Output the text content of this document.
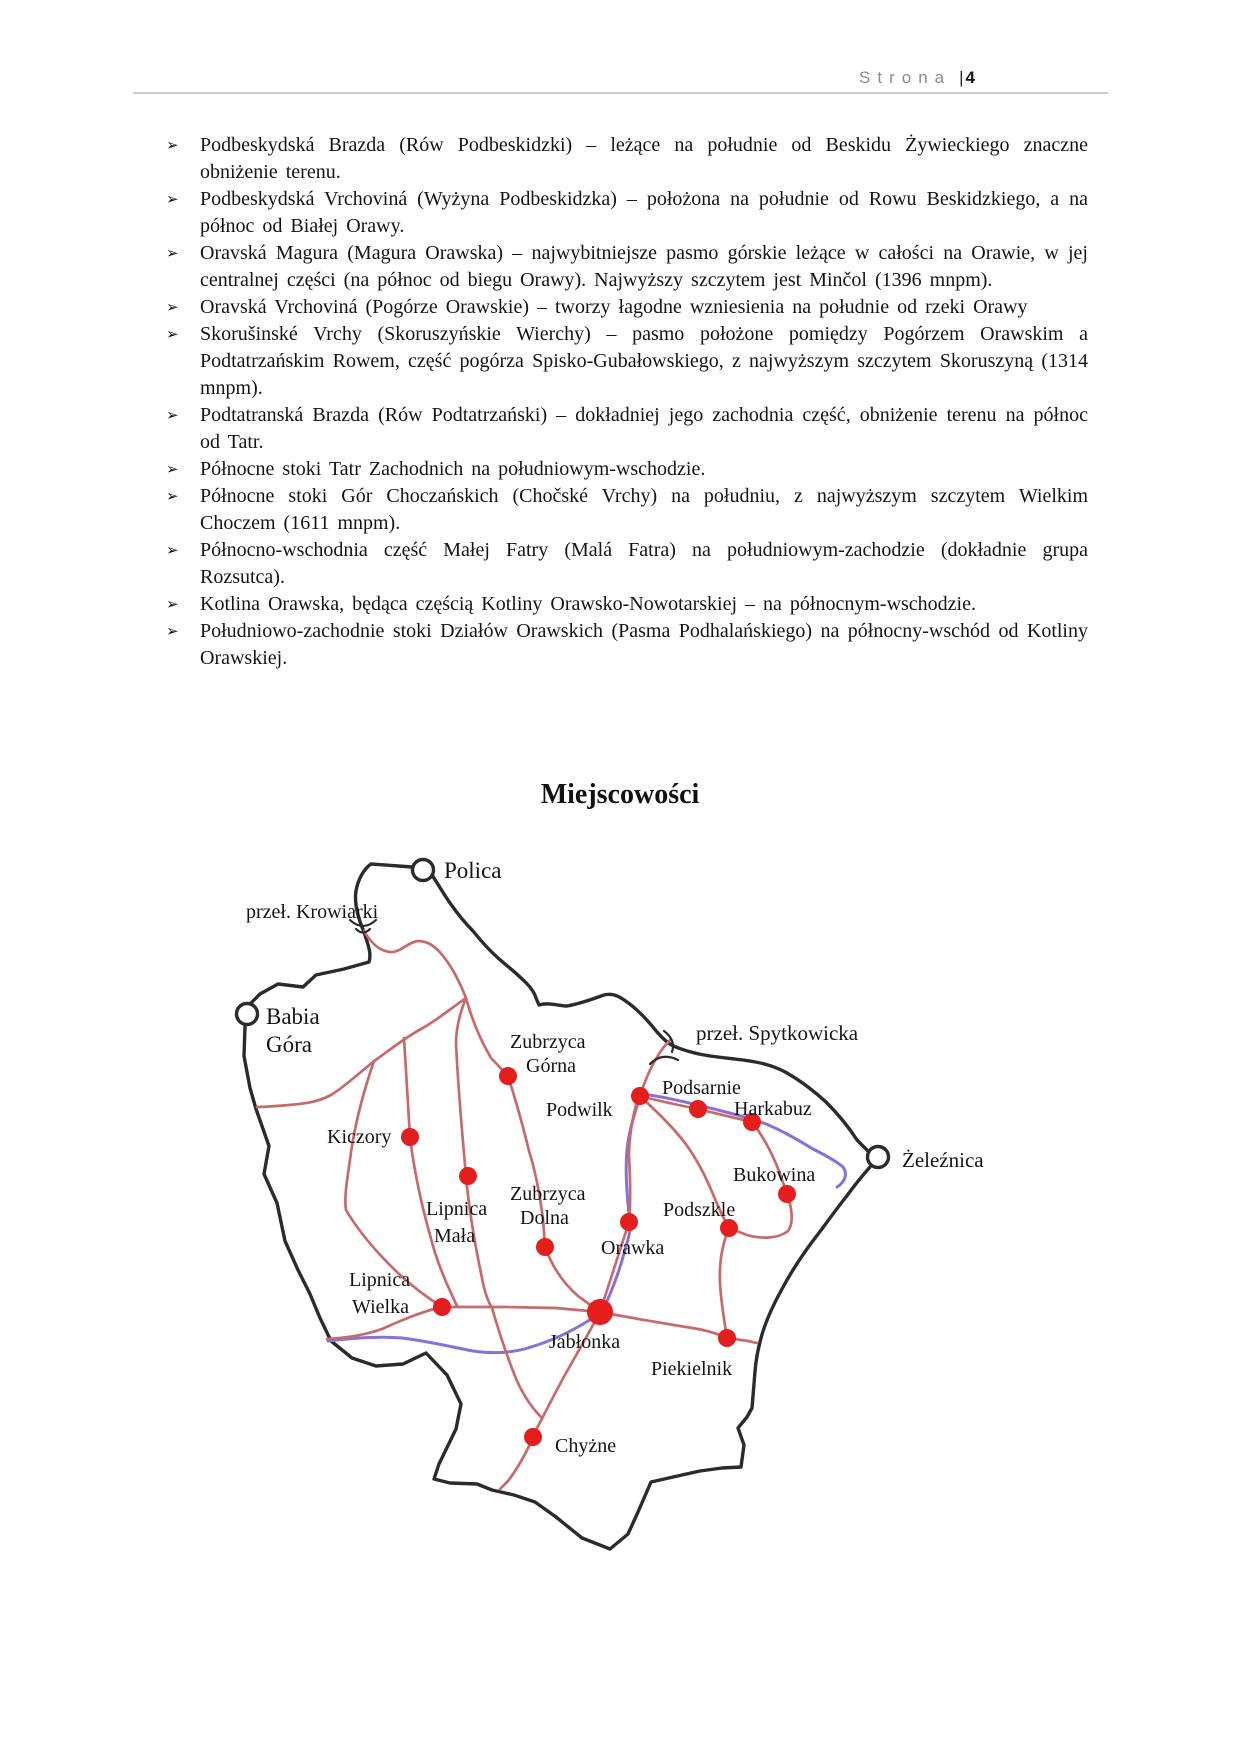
Strona | 4
➢ Podbeskydská Brazda (Rów Podbeskidzki) – leżące na południe od Beskidu Żywieckiego znaczne obniżenie terenu.
➢ Podbeskydská Vrchoviná (Wyżyna Podbeskidzka) – położona na południe od Rowu Beskidzkiego, a na północ od Białej Orawy.
➢ Oravská Magura (Magura Orawska) – najwybitniejsze pasmo górskie leżące w całości na Orawie, w jej centralnej części (na północ od biegu Orawy). Najwyższy szczytem jest Minčol (1396 mnpm).
➢ Oravská Vrchoviná (Pogórze Orawskie) – tworzy łagodne wzniesienia na południe od rzeki Orawy
➢ Skorušinské Vrchy (Skoruszyńskie Wierchy) – pasmo położone pomiędzy Pogórzem Orawskim a Podtatrzańskim Rowem, część pogórza Spisko-Gubałowskiego, z najwyższym szczytem Skoruszyną (1314 mnpm).
➢ Podtatranská Brazda (Rów Podtatrzański) – dokładniej jego zachodnia część, obniżenie terenu na północ od Tatr.
➢ Północne stoki Tatr Zachodnich na południowym-wschodzie.
➢ Północne stoki Gór Choczańskich (Chočské Vrchy) na południu, z najwyższym szczytem Wielkim Choczem (1611 mnpm).
➢ Północno-wschodnia część Małej Fatry (Malá Fatra) na południowym-zachodzie (dokładnie grupa Rozsutca).
➢ Kotlina Orawska, będąca częścią Kotliny Orawsko-Nowotarskiej – na północnym-wschodzie.
➢ Południowo-zachodnie stoki Działów Orawskich (Pasma Podhalańskiego) na północny-wschód od Kotliny Orawskiej.
Miejscowości
Polica
przeł. Krowiarki
Babia
Góra	Zubrzyca
Górna
przeł. Spytkowicka
Podsarnie
Harkabuz
Podwilk
Żeleźnica
Bukowina
Podszkle
Orawka
Kiczory
Lipnica
Mała
Zubrzyca
Dolna
Lipnica
Wielka
Jabłonka
Piekielnik
Chyżne
